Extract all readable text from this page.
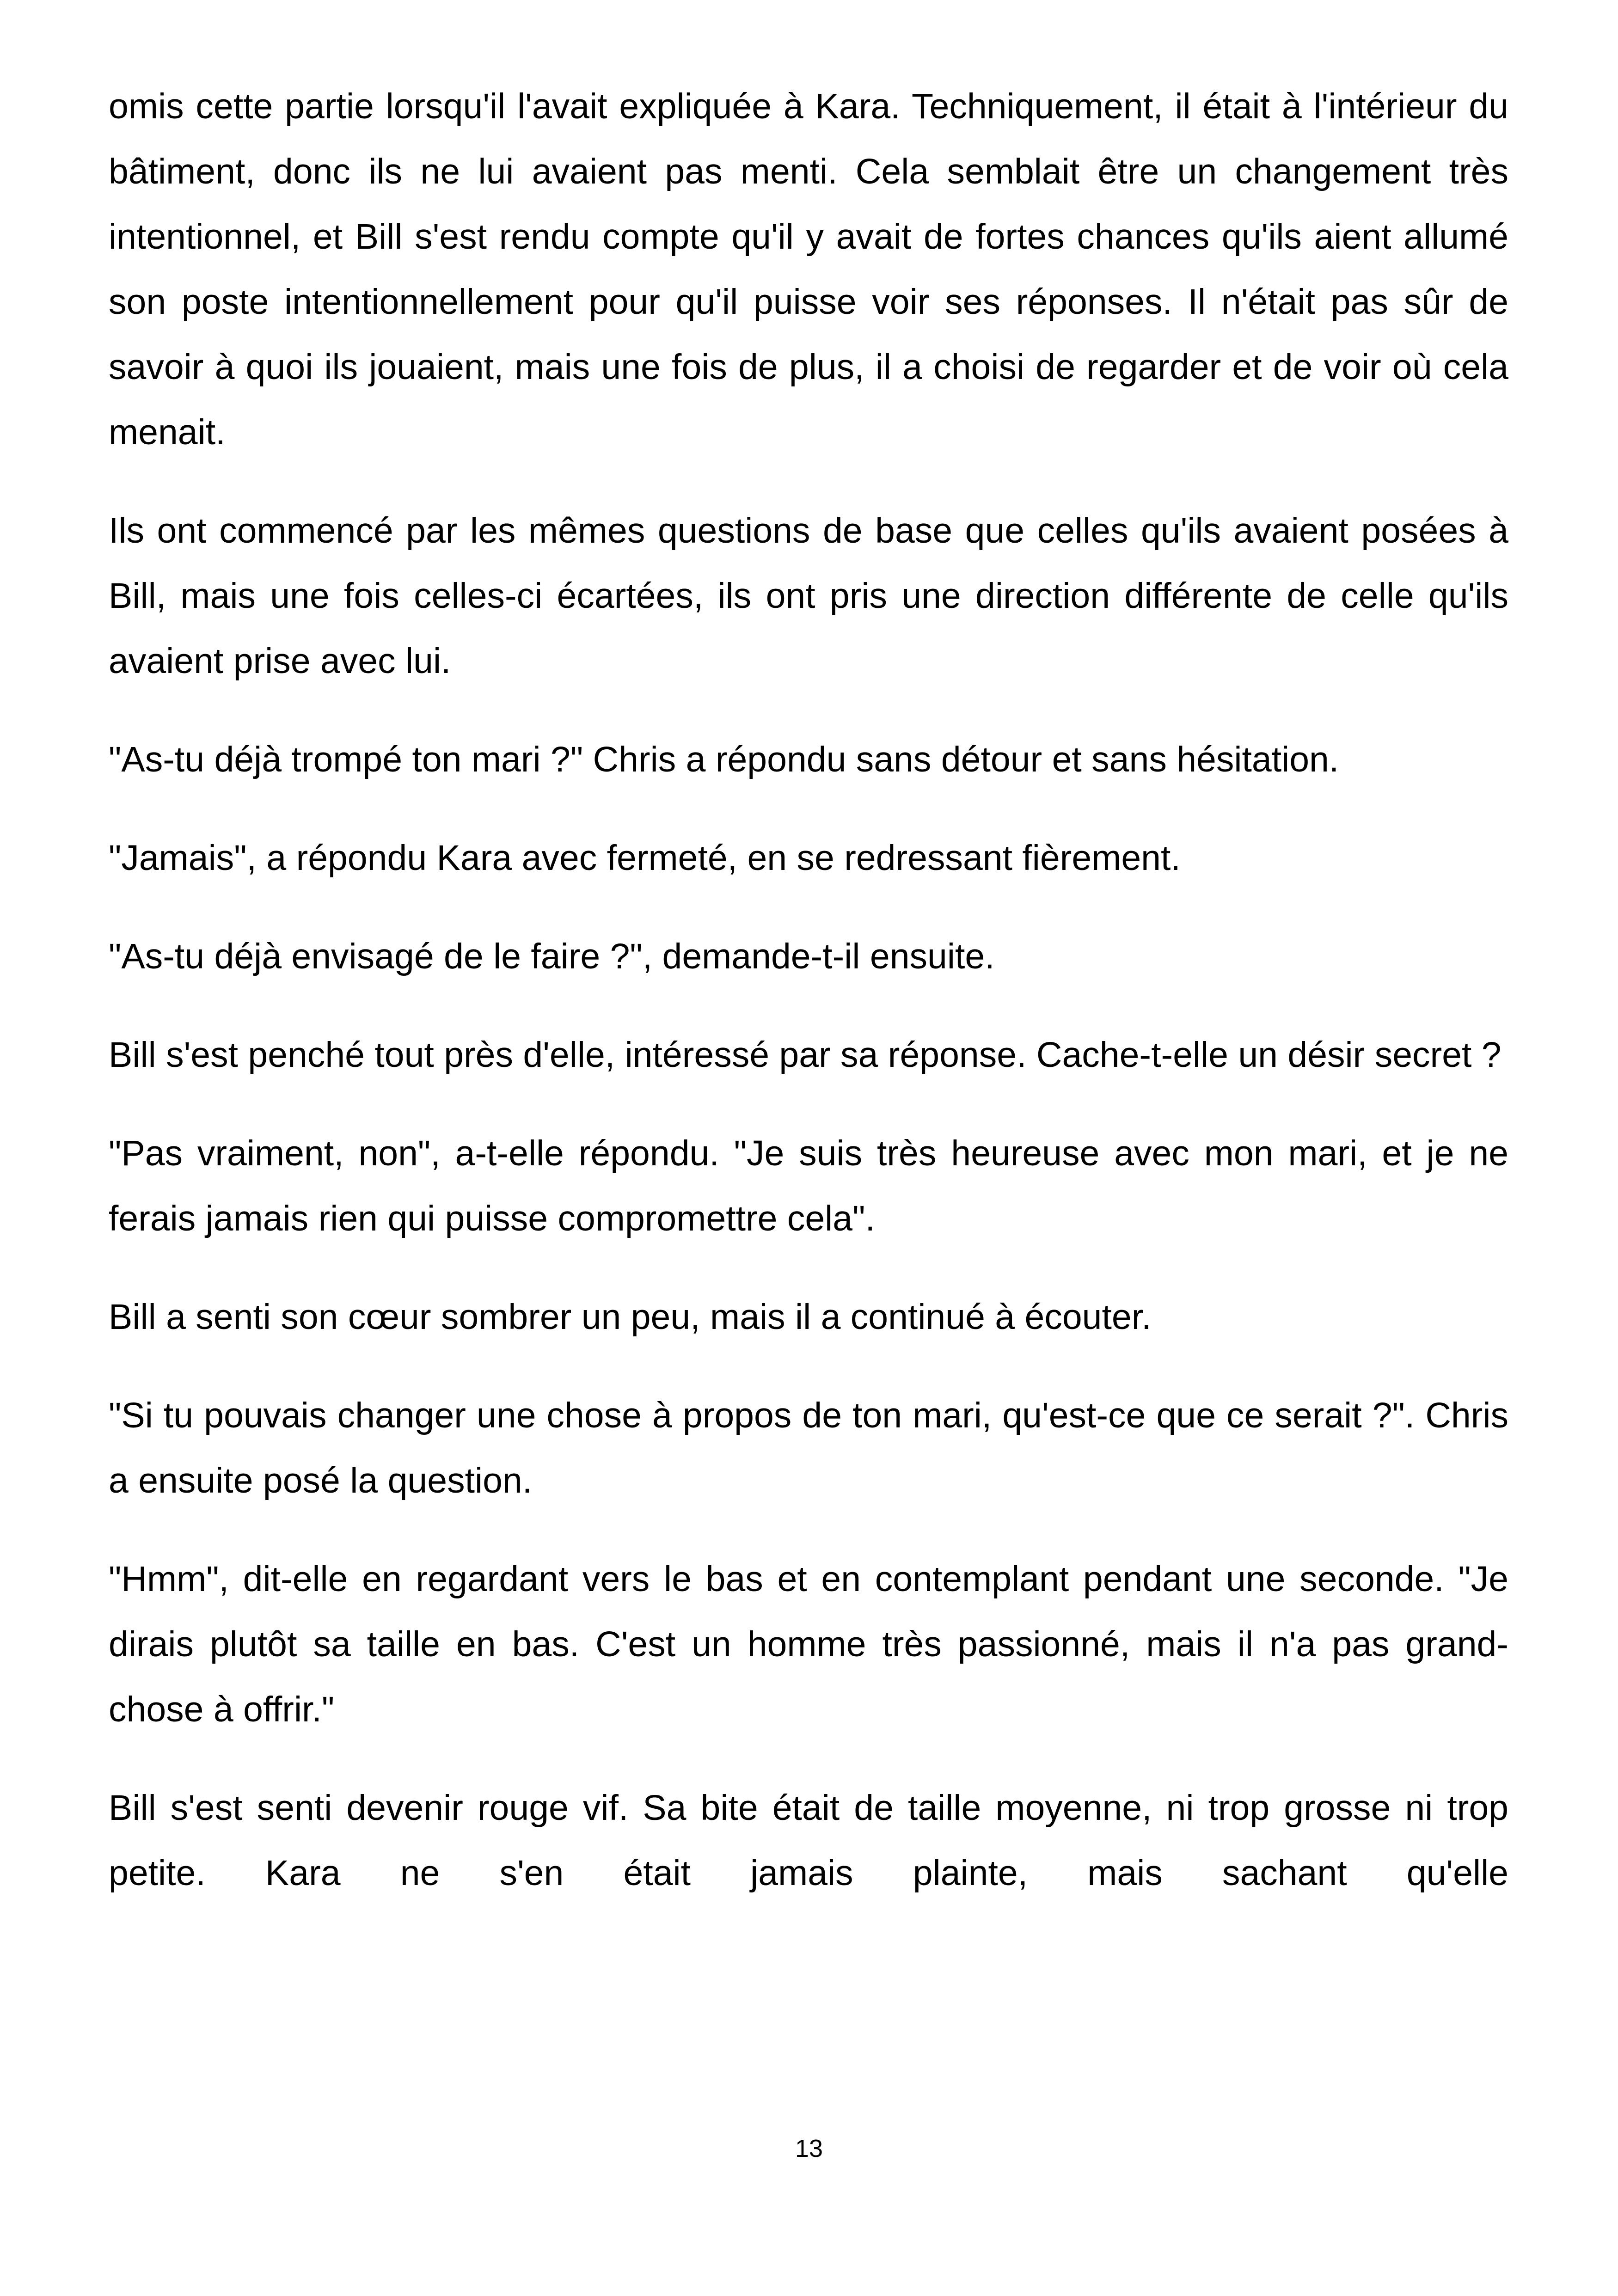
omis cette partie lorsqu'il l'avait expliquée à Kara. Techniquement, il était à l'intérieur du bâtiment, donc ils ne lui avaient pas menti. Cela semblait être un changement très intentionnel, et Bill s'est rendu compte qu'il y avait de fortes chances qu'ils aient allumé son poste intentionnellement pour qu'il puisse voir ses réponses. Il n'était pas sûr de savoir à quoi ils jouaient, mais une fois de plus, il a choisi de regarder et de voir où cela menait.

Ils ont commencé par les mêmes questions de base que celles qu'ils avaient posées à Bill, mais une fois celles-ci écartées, ils ont pris une direction différente de celle qu'ils avaient prise avec lui.

"As-tu déjà trompé ton mari ?" Chris a répondu sans détour et sans hésitation.

"Jamais", a répondu Kara avec fermeté, en se redressant fièrement.

"As-tu déjà envisagé de le faire ?", demande-t-il ensuite.

Bill s'est penché tout près d'elle, intéressé par sa réponse. Cache-t-elle un désir secret ?

"Pas vraiment, non", a-t-elle répondu. "Je suis très heureuse avec mon mari, et je ne ferais jamais rien qui puisse compromettre cela".

Bill a senti son cœur sombrer un peu, mais il a continué à écouter.

"Si tu pouvais changer une chose à propos de ton mari, qu'est-ce que ce serait ?". Chris a ensuite posé la question.

"Hmm", dit-elle en regardant vers le bas et en contemplant pendant une seconde. "Je dirais plutôt sa taille en bas. C'est un homme très passionné, mais il n'a pas grand-chose à offrir."

Bill s'est senti devenir rouge vif. Sa bite était de taille moyenne, ni trop grosse ni trop petite. Kara ne s'en était jamais plainte, mais sachant qu'elle

13
